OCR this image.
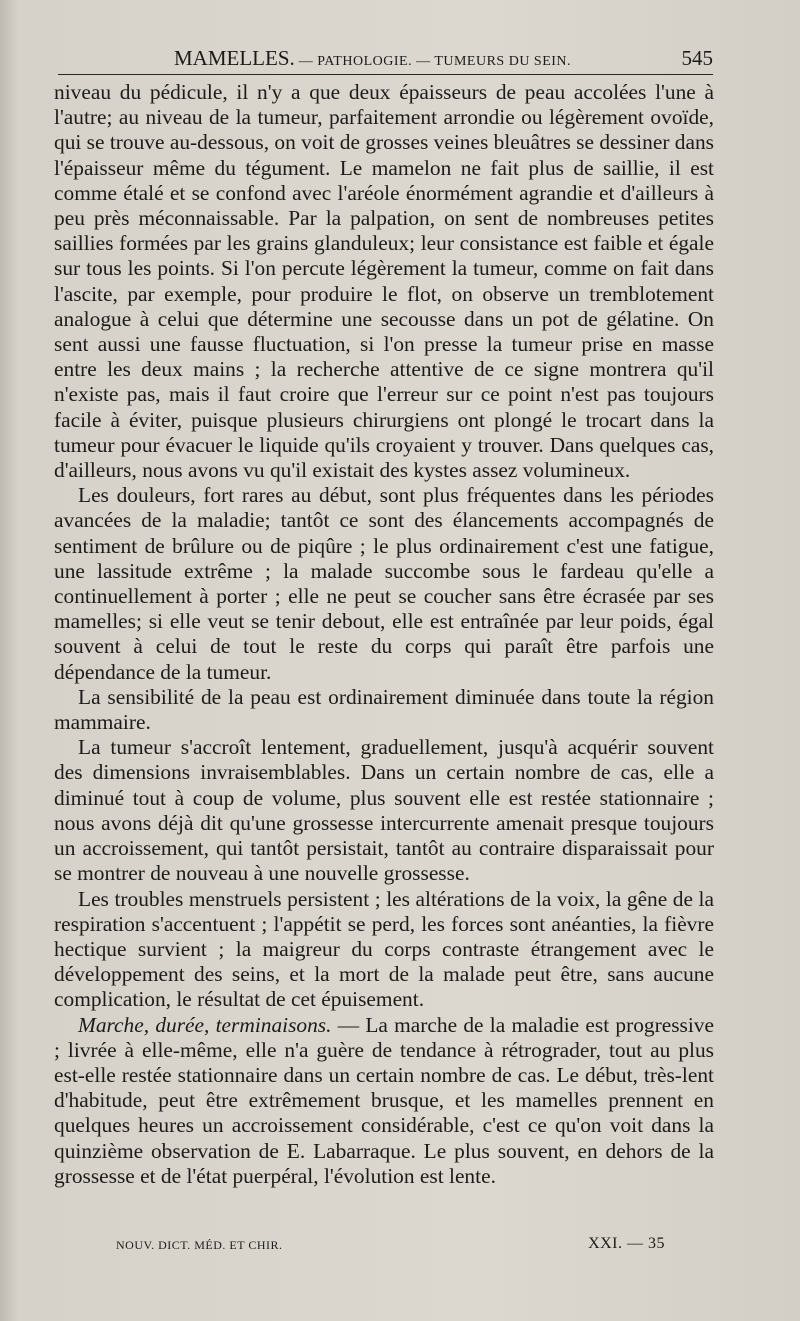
MAMELLES. — PATHOLOGIE. — TUMEURS DU SEIN.	545

niveau du pédicule, il n'y a que deux épaisseurs de peau accolées l'une à l'autre; au niveau de la tumeur, parfaitement arrondie ou légèrement ovoïde, qui se trouve au-dessous, on voit de grosses veines bleuâtres se dessiner dans l'épaisseur même du tégument. Le mamelon ne fait plus de saillie, il est comme étalé et se confond avec l'aréole énormément agrandie et d'ailleurs à peu près méconnaissable. Par la palpation, on sent de nombreuses petites saillies formées par les grains glanduleux; leur consistance est faible et égale sur tous les points. Si l'on percute légèrement la tumeur, comme on fait dans l'ascite, par exemple, pour produire le flot, on observe un tremblotement analogue à celui que détermine une secousse dans un pot de gélatine. On sent aussi une fausse fluctuation, si l'on presse la tumeur prise en masse entre les deux mains ; la recherche attentive de ce signe montrera qu'il n'existe pas, mais il faut croire que l'erreur sur ce point n'est pas toujours facile à éviter, puisque plusieurs chirurgiens ont plongé le trocart dans la tumeur pour évacuer le liquide qu'ils croyaient y trouver. Dans quelques cas, d'ailleurs, nous avons vu qu'il existait des kystes assez volumineux.

Les douleurs, fort rares au début, sont plus fréquentes dans les périodes avancées de la maladie; tantôt ce sont des élancements accompagnés de sentiment de brûlure ou de piqûre ; le plus ordinairement c'est une fatigue, une lassitude extrême ; la malade succombe sous le fardeau qu'elle a continuellement à porter ; elle ne peut se coucher sans être écrasée par ses mamelles; si elle veut se tenir debout, elle est entraînée par leur poids, égal souvent à celui de tout le reste du corps qui paraît être parfois une dépendance de la tumeur.

La sensibilité de la peau est ordinairement diminuée dans toute la région mammaire.

La tumeur s'accroît lentement, graduellement, jusqu'à acquérir souvent des dimensions invraisemblables. Dans un certain nombre de cas, elle a diminué tout à coup de volume, plus souvent elle est restée stationnaire ; nous avons déjà dit qu'une grossesse intercurrente amenait presque toujours un accroissement, qui tantôt persistait, tantôt au contraire disparaissait pour se montrer de nouveau à une nouvelle grossesse.

Les troubles menstruels persistent ; les altérations de la voix, la gêne de la respiration s'accentuent ; l'appétit se perd, les forces sont anéanties, la fièvre hectique survient ; la maigreur du corps contraste étrangement avec le développement des seins, et la mort de la malade peut être, sans aucune complication, le résultat de cet épuisement.

Marche, durée, terminaisons. — La marche de la maladie est progressive ; livrée à elle-même, elle n'a guère de tendance à rétrograder, tout au plus est-elle restée stationnaire dans un certain nombre de cas. Le début, très-lent d'habitude, peut être extrêmement brusque, et les mamelles prennent en quelques heures un accroissement considérable, c'est ce qu'on voit dans la quinzième observation de E. Labarraque. Le plus souvent, en dehors de la grossesse et de l'état puerpéral, l'évolution est lente.

NOUV. DICT. MÉD. ET CHIR.	XXI. — 35
